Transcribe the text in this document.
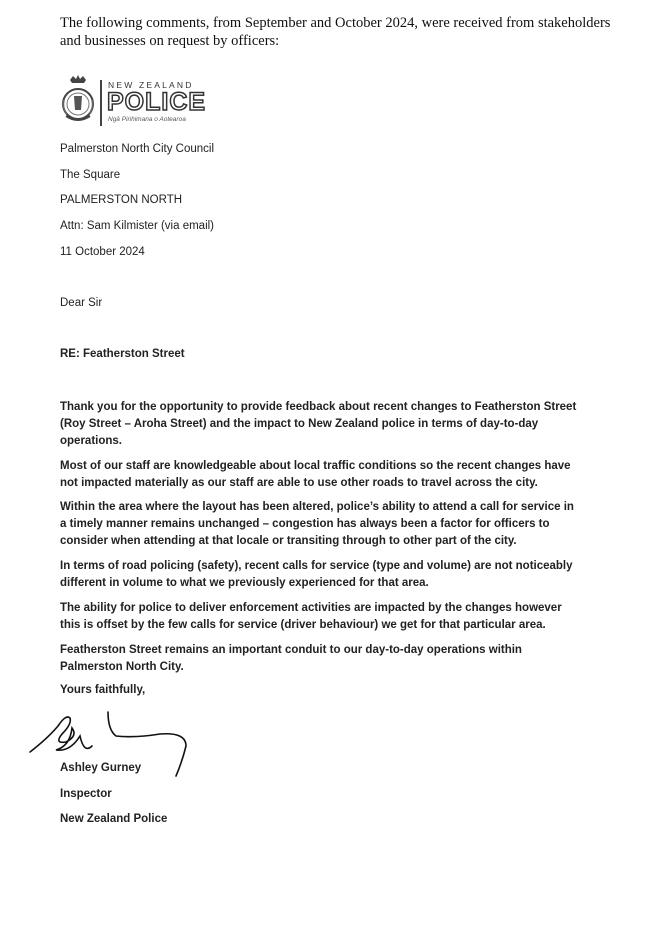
The following comments, from September and October 2024, were received from stakeholders and businesses on request by officers:
NEW ZEALAND
POLICE
Ngā Pirihimana o Aotearoa
Palmerston North City Council
The Square
PALMERSTON NORTH
Attn: Sam Kilmister (via email)
11 October 2024
Dear Sir
RE: Featherston Street
Thank you for the opportunity to provide feedback about recent changes to Featherston Street (Roy Street – Aroha Street) and the impact to New Zealand police in terms of day-to-day operations.
Most of our staff are knowledgeable about local traffic conditions so the recent changes have not impacted materially as our staff are able to use other roads to travel across the city.
Within the area where the layout has been altered, police’s ability to attend a call for service in a timely manner remains unchanged – congestion has always been a factor for officers to consider when attending at that locale or transiting through to other part of the city.
In terms of road policing (safety), recent calls for service (type and volume) are not noticeably different in volume to what we previously experienced for that area.
The ability for police to deliver enforcement activities are impacted by the changes however this is offset by the few calls for service (driver behaviour) we get for that particular area.
Featherston Street remains an important conduit to our day-to-day operations within Palmerston North City.
Yours faithfully,
Ashley Gurney
Inspector
New Zealand Police
